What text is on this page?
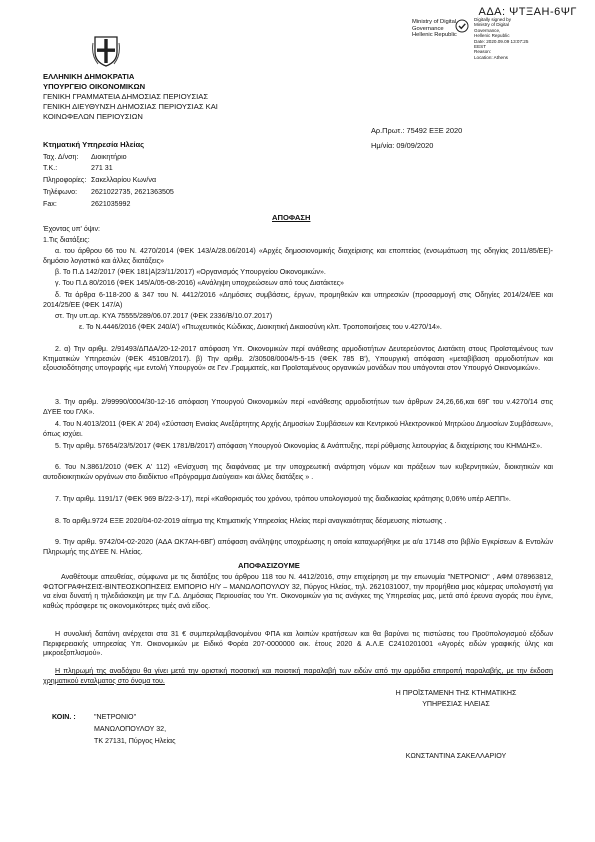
ΑΔΑ: ΨΤΞΑΗ-6ΨΓ
Ministry of Digital
Governance
Hellenic Republic
Digitally signed by
Ministry of Digital
Governance,
Hellenic Republic
Date: 2020.09.09 13:07:25
EEST
Reason:
Location: Athens
ΕΛΛΗΝΙΚΗ ΔΗΜΟΚΡΑΤΙΑ
ΥΠΟΥΡΓΕΙΟ ΟΙΚΟΝΟΜΙΚΩΝ
ΓΕΝΙΚΗ ΓΡΑΜΜΑΤΕΙΑ ΔΗΜΟΣΙΑΣ ΠΕΡΙΟΥΣΙΑΣ
ΓΕΝΙΚΗ ΔΙΕΥΘΥΝΣΗ ΔΗΜΟΣΙΑΣ ΠΕΡΙΟΥΣΙΑΣ ΚΑΙ
ΚΟΙΝΩΦΕΛΩΝ ΠΕΡΙΟΥΣΙΩΝ
Αρ.Πρωτ.: 75492 ΕΞΕ 2020
Κτηματική Υπηρεσία Ηλείας	Ημ/νία: 09/09/2020
Ταχ. Δ/νση: Διοικητήριο
Τ.Κ.:	271 31
Πληροφορίες: Σακελλαρίου Κων/να
Τηλέφωνο: 2621022735, 2621363505
Fax:	2621035992
ΑΠΟΦΑΣΗ
Έχοντας υπ' όψιν:
1.Τις διατάξεις:
α. του άρθρου 66 του Ν. 4270/2014 (ΦΕΚ 143/Α/28.06/2014) «Αρχές δημοσιονομικής διαχείρισης και εποπτείας (ενσωμάτωση της οδηγίας 2011/85/ΕΕ)- δημόσιο λογιστικό και άλλες διατάξεις»
β. Το Π.Δ 142/2017 (ΦΕΚ 181|Α|23/11/2017) «Οργανισμός Υπουργείου Οικονομικών».
γ. Του Π.Δ 80/2016 (ΦΕΚ 145/Α/05-08-2016) «Ανάληψη υποχρεώσεων από τους Διατάκτες»
δ. Τα άρθρα 6-118-200 & 347 του Ν. 4412/2016 «Δημόσιες συμβάσεις, έργων, προμηθειών και υπηρεσιών (προσαρμογή στις Οδηγίες 2014/24/ΕΕ και 2014/25/ΕΕ (ΦΕΚ 147/Α)
στ. Την υπ.αρ. ΚΥΑ 75555/289/06.07.2017 (ΦΕΚ 2336/Β/10.07.2017)
ε. Το Ν.4446/2016 (ΦΕΚ 240/Α') «Πτωχευτικός Κώδικας, Διοικητική Δικαιοσύνη κλπ. Τροποποιήσεις του ν.4270/14».
2. α) Την αριθμ. 2/91493/ΔΠΔΑ/20-12-2017 απόφαση Υπ. Οικονομικών περί ανάθεσης αρμοδιοτήτων Δευτερεύοντος Διατάκτη στους Προϊσταμένους των Κτηματικών Υπηρεσιών (ΦΕΚ 4510Β/2017). β) Την αριθμ. 2/30508/0004/5-5-15 (ΦΕΚ 785 Β'), Υπουργική απόφαση «μεταβίβαση αρμοδιοτήτων και εξουσιοδότησης υπογραφής «με εντολή Υπουργού» σε Γεν .Γραμματείς, και Προϊσταμένους οργανικών μονάδων που υπάγονται στον Υπουργό Οικονομικών».
3. Την αριθμ. 2/99990/0004/30-12-16 απόφαση Υπουργού Οικονομικών περί «ανάθεσης αρμοδιοτήτων των άρθρων 24,26,66,και 69Γ του ν.4270/14 στις ΔΥΕΕ του ΓΛΚ».
4. Του Ν.4013/2011 (ΦΕΚ Α' 204) «Σύσταση Ενιαίας Ανεξάρτητης Αρχής Δημοσίων Συμβάσεων και Κεντρικού Ηλεκτρονικού Μητρώου Δημοσίων Συμβάσεων», όπως ισχύει.
5. Την αριθμ. 57654/23/5/2017 (ΦΕΚ 1781/Β/2017) απόφαση Υπουργού Οικονομίας & Ανάπτυξης, περί ρύθμισης λειτουργίας & διαχείρισης του ΚΗΜΔΗΣ».
6. Του Ν.3861/2010 (ΦΕΚ Α' 112) «Ενίσχυση της διαφάνειας με την υποχρεωτική ανάρτηση νόμων και πράξεων των κυβερνητικών, διοικητικών και αυτοδιοικητικών οργάνων στο διαδίκτυο «Πρόγραμμα Διαύγεια» και άλλες διατάξεις » .
7. Την αριθμ. 1191/17 (ΦΕΚ 969 Β/22-3-17), περί «Καθορισμός του χρόνου, τρόπου υπολογισμού της διαδικασίας κράτησης 0,06% υπέρ ΑΕΠΠ».
8. Το αριθμ.9724 ΕΞΕ 2020/04-02-2019 αίτημα της Κτηματικής Υπηρεσίας Ηλείας περί αναγκαιότητας δέσμευσης πίστωσης .
9. Την αριθμ. 9742/04-02-2020 (ΑΔΑ ΩΚ7ΑΗ-6ΒΓ) απόφαση ανάληψης υποχρέωσης η οποία καταχωρήθηκε με α/α 17148 στο βιβλίο Εγκρίσεων & Εντολών Πληρωμής της ΔΥΕΕ Ν. Ηλείας.
ΑΠΟΦΑΣΙΖΟΥΜΕ
Αναθέτουμε απευθείας, σύμφωνα με τις διατάξεις του άρθρου 118 του Ν. 4412/2016, στην επιχείρηση με την επωνυμία "ΝΕΤΡΟΝΙΟ" , ΑΦΜ 078963812, ΦΩΤΟΓΡΑΦΗΣΕΙΣ-ΒΙΝΤΕΟΣΚΟΠΗΣΕΙΣ ΕΜΠΟΡΙΟ Η/Υ – ΜΑΝΩΛΟΠΟΥΛΟΥ 32, Πύργος Ηλείας, τηλ. 2621031007, την προμήθεια μιας κάμερας υπολογιστή για να είναι δυνατή η τηλεδιάσκεψη με την Γ.Δ. Δημόσιας Περιουσίας του Υπ. Οικονομικών για τις ανάγκες της Υπηρεσίας μας, μετά από έρευνα αγοράς που έγινε, καθώς πρόσφερε τις οικονομικότερες τιμές ανά είδος.
Η συνολική δαπάνη ανέρχεται στα 31 € συμπεριλαμβανομένου ΦΠΑ και λοιπών κρατήσεων και θα βαρύνει τις πιστώσεις του Προϋπολογισμού εξόδων Περιφερειακής υπηρεσίας Υπ. Οικονομικών με Ειδικό Φορέα 207-0000000 οικ. έτους 2020 & Α.Λ.Ε C2410201001 «Αγορές ειδών γραφικής ύλης και μικροεξοπλισμού».
Η πληρωμή της αναδόχου θα γίνει μετά την οριστική ποσοτική και ποιοτική παραλαβή των ειδών από την αρμόδια επιτροπή παραλαβής, με την έκδοση χρηματικού ενταλματος στο όνομα του.
Η ΠΡΟΪΣΤΑΜΕΝΗ ΤΗΣ ΚΤΗΜΑΤΙΚΗΣ
ΥΠΗΡΕΣΙΑΣ ΗΛΕΙΑΣ
ΚΩΝΣΤΑΝΤΙΝΑ ΣΑΚΕΛΛΑΡΙΟΥ
ΚΟΙΝ. :	"ΝΕΤΡΟΝΙΟ"
ΜΑΝΩΛΟΠΟΥΛΟΥ 32,
ΤΚ 27131, Πύργος Ηλείας
